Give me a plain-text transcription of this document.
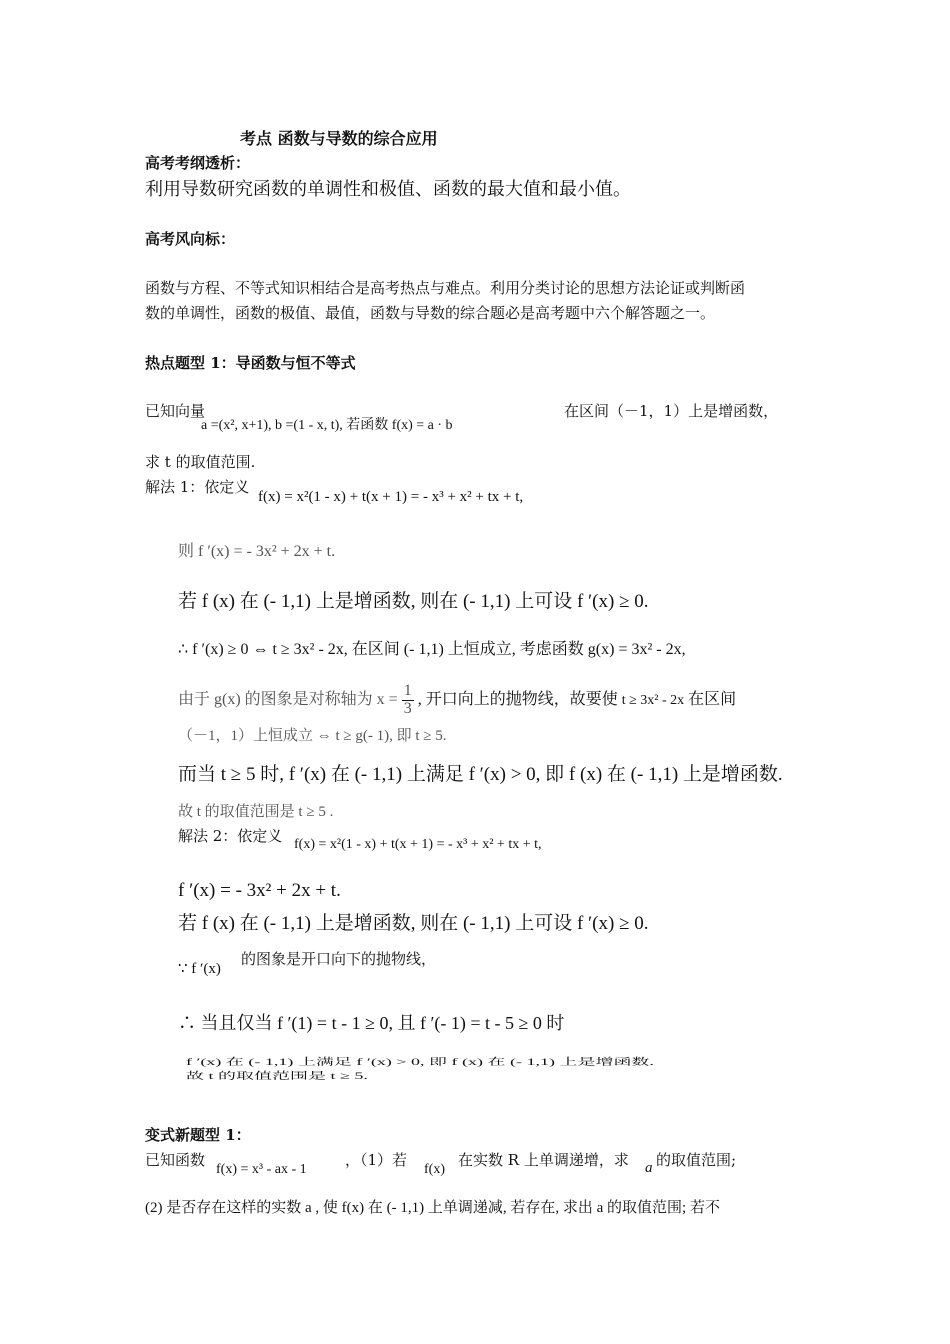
考点 函数与导数的综合应用
高考考纲透析：
利用导数研究函数的单调性和极值、函数的最大值和最小值。
高考风向标：
函数与方程、不等式知识相结合是高考热点与难点。利用分类讨论的思想方法论证或判断函
数的单调性，函数的极值、最值，函数与导数的综合题必是高考题中六个解答题之一。
热点题型 1：导函数与恒不等式
已知向量
a =(x², x+1), b =(1 - x, t), 若函数 f(x) = a · b
在区间（－1，1）上是增函数，
求 t 的取值范围.
解法 1：依定义
f(x) = x²(1 - x) + t(x + 1) = - x³ + x² + tx + t,
则 f ′(x) = - 3x² + 2x + t.
若 f (x) 在 (- 1,1) 上是增函数, 则在 (- 1,1) 上可设 f ′(x) ≥ 0.
∴ f ′(x) ≥ 0 ⇔ t ≥ 3x² - 2x, 在区间 (- 1,1) 上恒成立, 考虑函数 g(x) = 3x² - 2x,
由于 g(x) 的图象是对称轴为 $x = \frac{1}{3}$ , 开口向上的抛物线，故要使 t ≥ 3x² - 2x 在区间
（－1，1）上恒成立 ⇔ t ≥ g(- 1), 即 t ≥ 5.
而当 t ≥ 5 时, f ′(x) 在 (- 1,1) 上满足 f ′(x) > 0, 即 f (x) 在 (- 1,1) 上是增函数.
故 t 的取值范围是 t ≥ 5 .
解法 2：依定义 f(x) = x²(1 - x) + t(x + 1) = - x³ + x² + tx + t,
f ′(x) = - 3x² + 2x + t.
若 f (x) 在 (- 1,1) 上是增函数, 则在 (- 1,1) 上可设 f ′(x) ≥ 0.
∵ f ′(x)
的图象是开口向下的抛物线，
∴ 当且仅当 f ′(1) = t - 1 ≥ 0, 且 f ′(- 1) = t - 5 ≥ 0 时
f ′(x) 在 (- 1,1) 上满足 f ′(x) > 0, 即 f (x) 在 (- 1,1) 上是增函数.
故 t 的取值范围是 t ≥ 5.
变式新题型 1：
已知函数
f(x) = x³ - ax - 1
，（1）若
f(x)
在实数 R 上单调递增，求 a 的取值范围;
(2) 是否存在这样的实数 a , 使 f(x) 在 (- 1,1) 上单调递减, 若存在, 求出 a 的取值范围; 若不
